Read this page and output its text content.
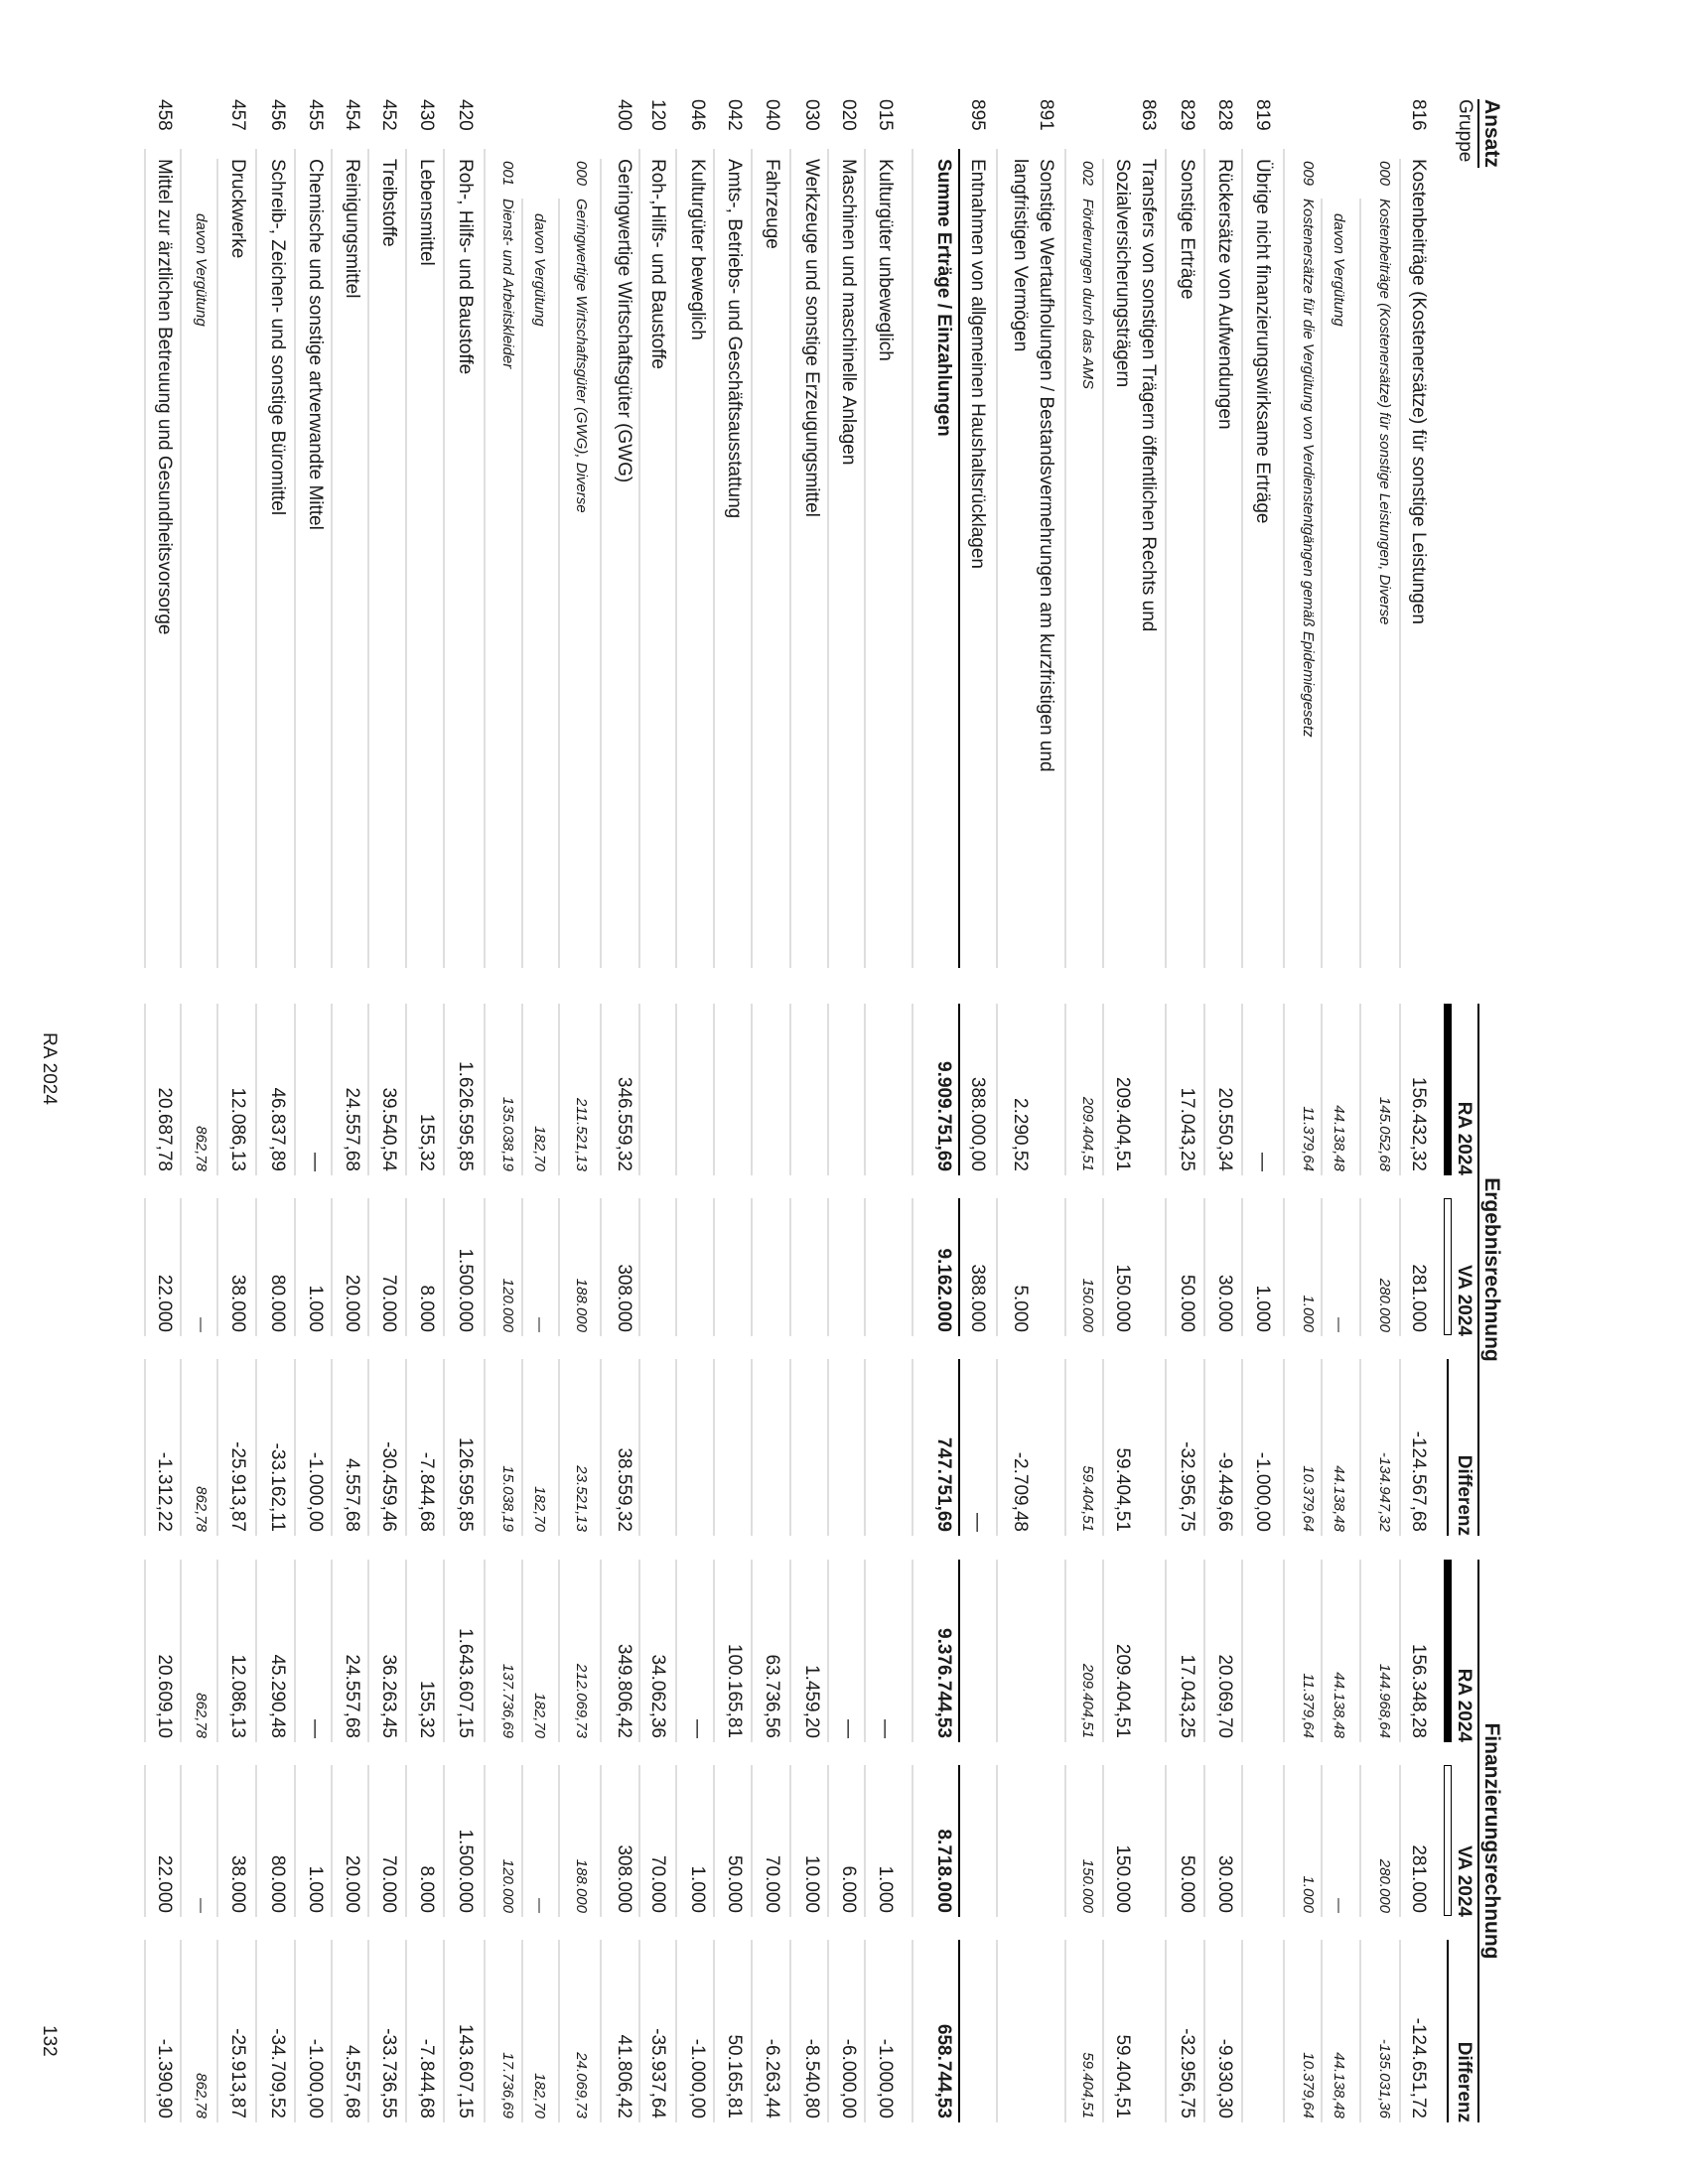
Ansatz
Gruppe
Ergebnisrechnung
Finanzierungsrechnung
RA 2024
VA 2024
Differenz
RA 2024
VA 2024
Differenz
816
Kostenbeiträge (Kostenersätze) für sonstige Leistungen
156.432,32
281.000
-124.567,68
156.348,28
281.000
-124.651,72
000
Kostenbeiträge (Kostenersätze) für sonstige Leistungen, Diverse
145.052,68
280.000
-134.947,32
144.968,64
280.000
-135.031,36
davon Vergütung
44.138,48
—
44.138,48
44.138,48
—
44.138,48
009
Kostenersätze für die Vergütung von Verdienstentgängen gemäß Epidemiegesetz
11.379,64
1.000
10.379,64
11.379,64
1.000
10.379,64
819
Übrige nicht finanzierungswirksame Erträge
—
1.000
-1.000,00
828
Rückersätze von Aufwendungen
20.550,34
30.000
-9.449,66
20.069,70
30.000
-9.930,30
829
Sonstige Erträge
17.043,25
50.000
-32.956,75
17.043,25
50.000
-32.956,75
863
Transfers von sonstigen Trägern öffentlichen Rechts und
Sozialversicherungsträgern
209.404,51
150.000
59.404,51
209.404,51
150.000
59.404,51
002
Förderungen durch das AMS
209.404,51
150.000
59.404,51
209.404,51
150.000
59.404,51
891
Sonstige Wertaufholungen / Bestandsvermehrungen am kurzfristigen und
langfristigen Vermögen
2.290,52
5.000
-2.709,48
895
Entnahmen von allgemeinen Haushaltsrücklagen
388.000,00
388.000
—
Summe Erträge / Einzahlungen
9.909.751,69
9.162.000
747.751,69
9.376.744,53
8.718.000
658.744,53
015
Kulturgüter unbeweglich
—
1.000
-1.000,00
020
Maschinen und maschinelle Anlagen
—
6.000
-6.000,00
030
Werkzeuge und sonstige Erzeugungsmittel
1.459,20
10.000
-8.540,80
040
Fahrzeuge
63.736,56
70.000
-6.263,44
042
Amts-, Betriebs- und Geschäftsausstattung
100.165,81
50.000
50.165,81
046
Kulturgüter beweglich
—
1.000
-1.000,00
120
Roh-,Hilfs- und Baustoffe
34.062,36
70.000
-35.937,64
400
Geringwertige Wirtschaftsgüter (GWG)
346.559,32
308.000
38.559,32
349.806,42
308.000
41.806,42
000
Geringwertige Wirtschaftsgüter (GWG), Diverse
211.521,13
188.000
23.521,13
212.069,73
188.000
24.069,73
davon Vergütung
182,70
—
182,70
182,70
—
182,70
001
Dienst- und Arbeitskleider
135.038,19
120.000
15.038,19
137.736,69
120.000
17.736,69
420
Roh-, Hilfs- und Baustoffe
1.626.595,85
1.500.000
126.595,85
1.643.607,15
1.500.000
143.607,15
430
Lebensmittel
155,32
8.000
-7.844,68
155,32
8.000
-7.844,68
452
Treibstoffe
39.540,54
70.000
-30.459,46
36.263,45
70.000
-33.736,55
454
Reinigungsmittel
24.557,68
20.000
4.557,68
24.557,68
20.000
4.557,68
455
Chemische und sonstige artverwandte Mittel
—
1.000
-1.000,00
—
1.000
-1.000,00
456
Schreib-, Zeichen- und sonstige Büromittel
46.837,89
80.000
-33.162,11
45.290,48
80.000
-34.709,52
457
Druckwerke
12.086,13
38.000
-25.913,87
12.086,13
38.000
-25.913,87
davon Vergütung
862,78
—
862,78
862,78
—
862,78
458
Mittel zur ärztlichen Betreuung und Gesundheitsvorsorge
20.687,78
22.000
-1.312,22
20.609,10
22.000
-1.390,90
RA 2024
132
